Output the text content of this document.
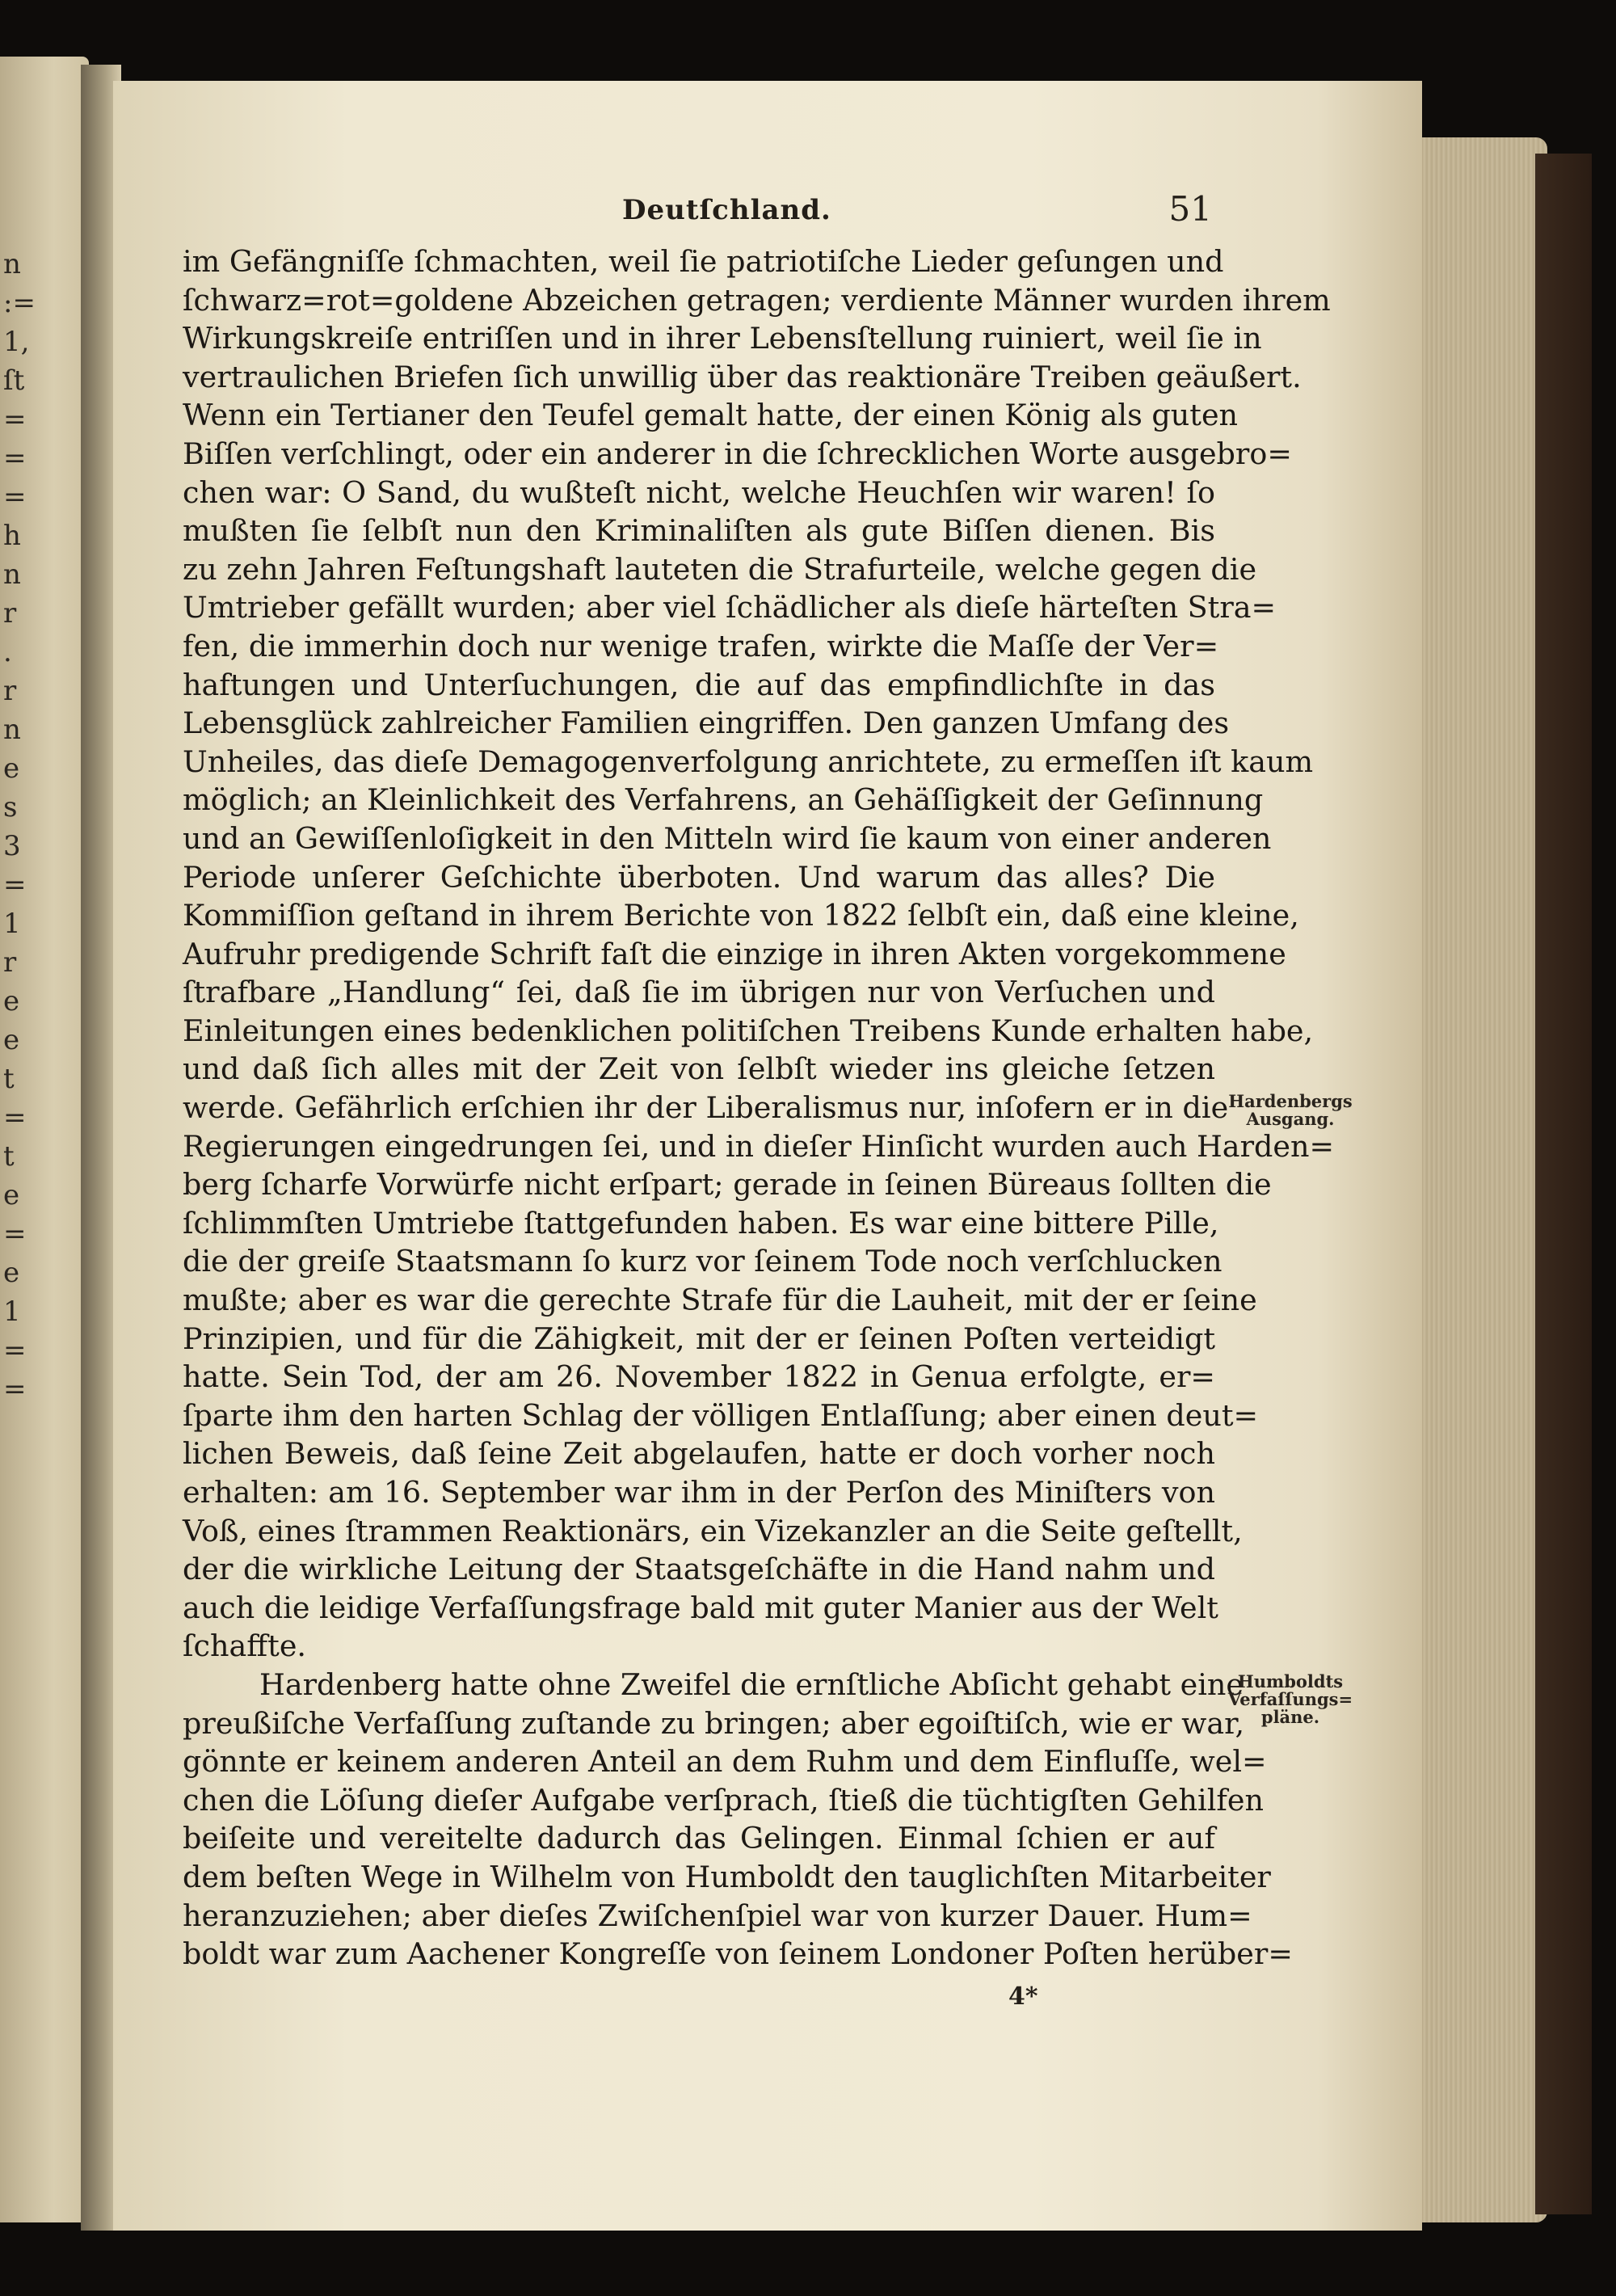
n
:=
1,
ſt
=
=
=
h
n
r
.
r
n
e
s
3
=
1
r
e
e
t
=
t
e
=
e
1
=
=
Deutſchland.	51
im Gefängniſſe ſchmachten, weil ſie patriotiſche Lieder geſungen und
ſchwarz=rot=goldene Abzeichen getragen; verdiente Männer wurden ihrem
Wirkungskreiſe entriſſen und in ihrer Lebensſtellung ruiniert, weil ſie in
vertraulichen Briefen ſich unwillig über das reaktionäre Treiben geäußert.
Wenn ein Tertianer den Teufel gemalt hatte, der einen König als guten
Biſſen verſchlingt, oder ein anderer in die ſchrecklichen Worte ausgebro=
chen war: O Sand, du wußteſt nicht, welche Heuchſen wir waren! ſo
mußten ſie ſelbſt nun den Kriminaliſten als gute Biſſen dienen. Bis
zu zehn Jahren Feſtungshaft lauteten die Strafurteile, welche gegen die
Umtrieber gefällt wurden; aber viel ſchädlicher als dieſe härteſten Stra=
fen, die immerhin doch nur wenige trafen, wirkte die Maſſe der Ver=
haftungen und Unterſuchungen, die auf das empfindlichſte in das
Lebensglück zahlreicher Familien eingriffen. Den ganzen Umfang des
Unheiles, das dieſe Demagogenverfolgung anrichtete, zu ermeſſen iſt kaum
möglich; an Kleinlichkeit des Verfahrens, an Gehäſſigkeit der Geſinnung
und an Gewiſſenloſigkeit in den Mitteln wird ſie kaum von einer anderen
Periode unſerer Geſchichte überboten. Und warum das alles? Die
Kommiſſion geſtand in ihrem Berichte von 1822 ſelbſt ein, daß eine kleine,
Aufruhr predigende Schrift faſt die einzige in ihren Akten vorgekommene
ſtrafbare „Handlung“ ſei, daß ſie im übrigen nur von Verſuchen und
Einleitungen eines bedenklichen politiſchen Treibens Kunde erhalten habe,
und daß ſich alles mit der Zeit von ſelbſt wieder ins gleiche ſetzen
werde. Gefährlich erſchien ihr der Liberalismus nur, inſofern er in die
Regierungen eingedrungen ſei, und in dieſer Hinſicht wurden auch Harden=
berg ſcharfe Vorwürfe nicht erſpart; gerade in ſeinen Büreaus ſollten die
ſchlimmſten Umtriebe ſtattgefunden haben. Es war eine bittere Pille,
die der greiſe Staatsmann ſo kurz vor ſeinem Tode noch verſchlucken
mußte; aber es war die gerechte Strafe für die Lauheit, mit der er ſeine
Prinzipien, und für die Zähigkeit, mit der er ſeinen Poſten verteidigt
hatte. Sein Tod, der am 26. November 1822 in Genua erfolgte, er=
ſparte ihm den harten Schlag der völligen Entlaſſung; aber einen deut=
lichen Beweis, daß ſeine Zeit abgelaufen, hatte er doch vorher noch
erhalten: am 16. September war ihm in der Perſon des Miniſters von
Voß, eines ſtrammen Reaktionärs, ein Vizekanzler an die Seite geſtellt,
der die wirkliche Leitung der Staatsgeſchäfte in die Hand nahm und
auch die leidige Verfaſſungsfrage bald mit guter Manier aus der Welt
ſchaffte.
Hardenberg hatte ohne Zweifel die ernſtliche Abſicht gehabt eine
preußiſche Verfaſſung zuſtande zu bringen; aber egoiſtiſch, wie er war,
gönnte er keinem anderen Anteil an dem Ruhm und dem Einfluſſe, wel=
chen die Löſung dieſer Aufgabe verſprach, ſtieß die tüchtigſten Gehilfen
beiſeite und vereitelte dadurch das Gelingen. Einmal ſchien er auf
dem beſten Wege in Wilhelm von Humboldt den tauglichſten Mitarbeiter
heranzuziehen; aber dieſes Zwiſchenſpiel war von kurzer Dauer. Hum=
boldt war zum Aachener Kongreſſe von ſeinem Londoner Poſten herüber=
Hardenbergs
Ausgang.
Humboldts
Verfaſſungs=
pläne.
4*
